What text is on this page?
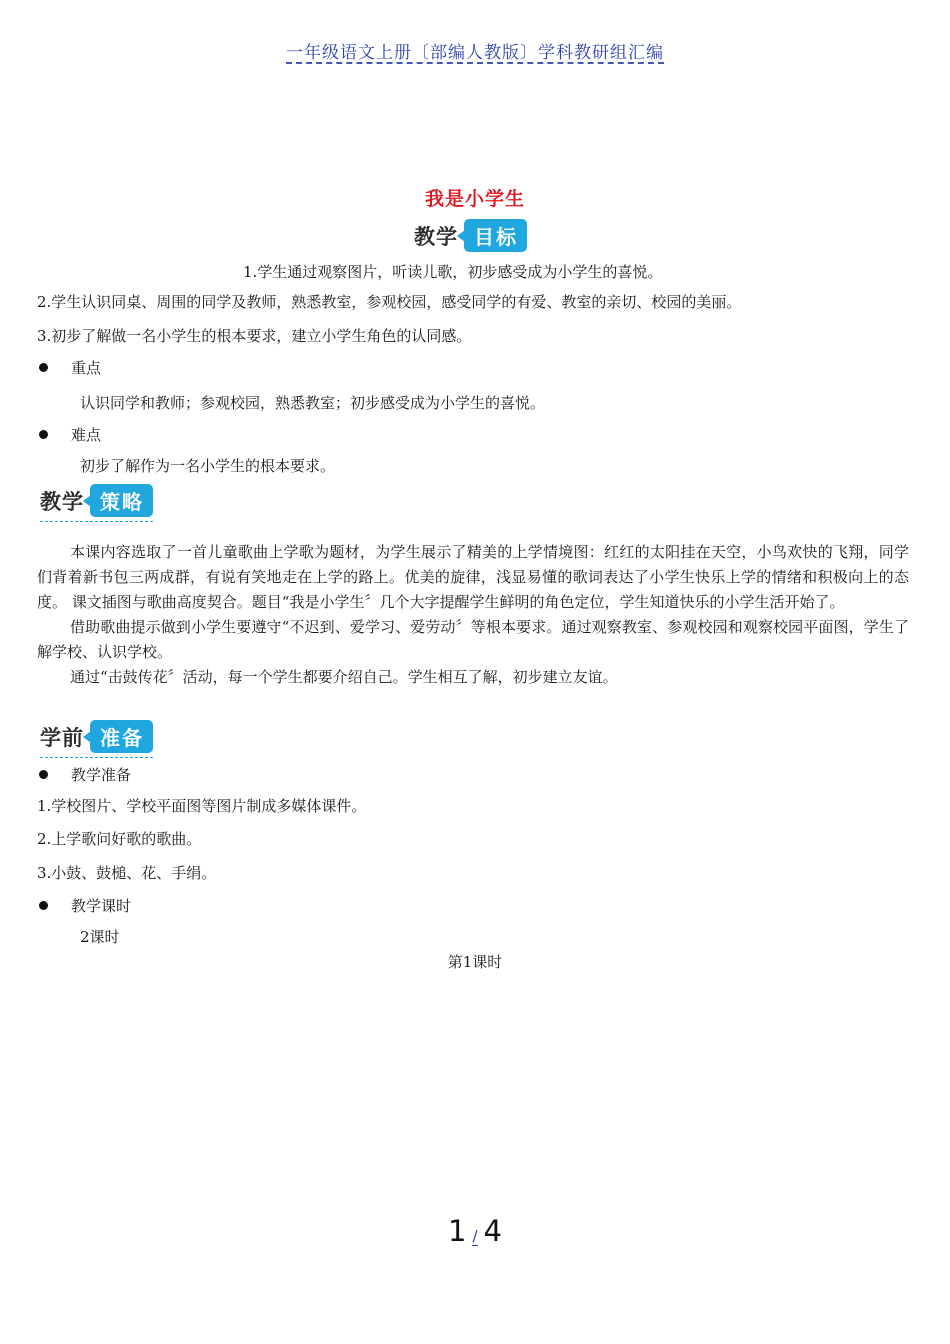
一年级语文上册〔部编人教版〕学科教研组汇编
我是小学生
教学 目标
1.学生通过观察图片，听读儿歌，初步感受成为小学生的喜悦。
2.学生认识同桌、周围的同学及教师，熟悉教室，参观校园，感受同学的有爱、教室的亲切、校园的美丽。
3.初步了解做一名小学生的根本要求，建立小学生角色的认同感。
重点
认识同学和教师；参观校园，熟悉教室；初步感受成为小学生的喜悦。
难点
初步了解作为一名小学生的根本要求。
教学 策略

本课内容选取了一首儿童歌曲上学歌为题材，为学生展示了精美的上学情境图：红红的太阳挂在天空，小鸟欢快的飞翔，同学们背着新书包三两成群，有说有笑地走在上学的路上。优美的旋律，浅显易懂的歌词表达了小学生快乐上学的情绪和积极向上的态度。 课文插图与歌曲高度契合。题目“我是小学生〞几个大字提醒学生鲜明的角色定位，学生知道快乐的小学生活开始了。

借助歌曲提示做到小学生要遵守“不迟到、爱学习、爱劳动〞等根本要求。通过观察教室、参观校园和观察校园平面图，学生了解学校、认识学校。

通过“击鼓传花〞活动，每一个学生都要介绍自己。学生相互了解，初步建立友谊。

学前 准备
教学准备
1.学校图片、学校平面图等图片制成多媒体课件。
2.上学歌问好歌的歌曲。
3.小鼓、鼓槌、花、手绢。
教学课时
2课时
第1课时
1 / 4
